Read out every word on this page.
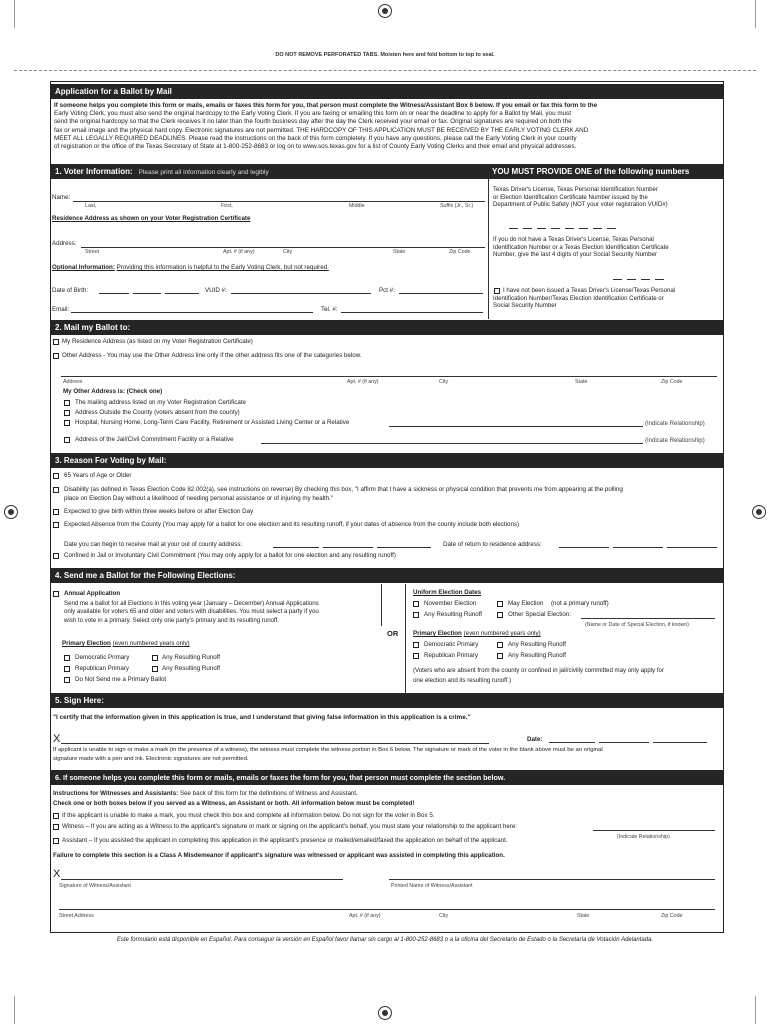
DO NOT REMOVE PERFORATED TABS. Moisten here and fold bottom to top to seal.
Application for a Ballot by Mail
If someone helps you complete this form or mails, emails or faxes this form for you, that person must complete the Witness/Assistant Box 6 below. If you email or fax this form to the
Early Voting Clerk, you must also send the original hardcopy to the Early Voting Clerk. If you are faxing or emailing this form on or near the deadline to apply for a Ballot by Mail, you must
send the original hardcopy so that the Clerk receives it no later than the fourth business day after the day the Clerk received your email or fax. Original signatures are required on both the
fax or email image and the physical hard copy. Electronic signatures are not permitted. THE HARDCOPY OF THIS APPLICATION MUST BE RECEIVED BY THE EARLY VOTING CLERK AND
MEET ALL LEGALLY REQUIRED DEADLINES. Please read the instructions on the back of this form completely. If you have any questions, please call the Early Voting Clerk in your county
of registration or the office of the Texas Secretary of State at 1-800-252-8683 or log on to www.sos.texas.gov for a list of County Early Voting Clerks and their email and physical addresses.
1. Voter Information: Please print all information clearly and legibly	YOU MUST PROVIDE ONE of the following numbers
Name:
Last,	First,	Middle	Suffix (Jr., Sr.)
Residence Address as shown on your Voter Registration Certificate
Address:
Street	Apt. # (if any)	City	State	Zip Code
Optional Information: Providing this information is helpful to the Early Voting Clerk, but not required.
Date of Birth:	VUID #:	Pct #:
Email:	Tel. #:
Texas Driver's License, Texas Personal Identification Number
or Election Identification Certificate Number issued by the
Department of Public Safety (NOT your voter registration VUID#)
If you do not have a Texas Driver's License, Texas Personal
Identification Number or a Texas Election Identification Certificate
Number, give the last 4 digits of your Social Security Number
I have not been issued a Texas Driver's License/Texas Personal
Identification Number/Texas Election Identification Certificate or
Social Security Number
2. Mail my Ballot to:
My Residence Address (as listed on my Voter Registration Certificate)
Other Address - You may use the Other Address line only if the other address fits one of the categories below.
Address	Apt. # (if any)	City	State	Zip Code
My Other Address is: (Check one)
The mailing address listed on my Voter Registration Certificate
Address Outside the County (voters absent from the county)
Hospital, Nursing Home, Long-Term Care Facility, Retirement or Assisted Living Center or a Relative	(Indicate Relationship)
Address of the Jail/Civil Commitment Facility or a Relative	(Indicate Relationship)
3. Reason For Voting by Mail:
65 Years of Age or Older
Disability (as defined in Texas Election Code 82.002(a), see instructions on reverse) By checking this box, "I affirm that I have a sickness or physical condition that prevents me from appearing at the polling
place on Election Day without a likelihood of needing personal assistance or of injuring my health."
Expected to give birth within three weeks before or after Election Day
Expected Absence from the County (You may apply for a ballot for one election and its resulting runoff, if your dates of absence from the county include both elections)
Date you can begin to receive mail at your out of county address:	Date of return to residence address:
Confined in Jail or Involuntary Civil Commitment (You may only apply for a ballot for one election and any resulting runoff)
4. Send me a Ballot for the Following Elections:
Annual Application
Send me a ballot for all Elections in this voting year (January – December) Annual Applications
only available for voters 65 and older and voters with disabilities. You must select a party if you
wish to vote in a primary. Select only one party's primary and its resulting runoff.
Primary Election (even numbered years only)
Democratic Primary	Any Resulting Runoff
Republican Primary	Any Resulting Runoff
Do Not Send me a Primary Ballot
OR
Uniform Election Dates
November Election	May Election (not a primary runoff)
Any Resulting Runoff	Other Special Election:
(Name or Date of Special Election, if known)
Primary Election (even numbered years only)
Democratic Primary	Any Resulting Runoff
Republican Primary	Any Resulting Runoff
(Voters who are absent from the county or confined in jail/civilly committed may only apply for
one election and its resulting runoff.)
5. Sign Here:
"I certify that the information given in this application is true, and I understand that giving false information in this application is a crime."
X	Date:
If applicant is unable to sign or make a mark (in the presence of a witness), the witness must complete the witness portion in Box 6 below. The signature or mark of the voter in the blank above must be an original
signature made with a pen and ink. Electronic signatures are not permitted.
6. If someone helps you complete this form or mails, emails or faxes the form for you, that person must complete the section below.
Instructions for Witnesses and Assistants: See back of this form for the definitions of Witness and Assistant.
Check one or both boxes below if you served as a Witness, an Assistant or both. All information below must be completed!
If the applicant is unable to make a mark, you must check this box and complete all information below. Do not sign for the voter in Box 5.
Witness – If you are acting as a Witness to the applicant's signature or mark or signing on the applicant's behalf, you must state your relationship to the applicant here:
(Indicate Relationship)
Assistant – If you assisted the applicant in completing this application in the applicant's presence or mailed/emailed/faxed the application on behalf of the applicant.
Failure to complete this section is a Class A Misdemeanor if applicant's signature was witnessed or applicant was assisted in completing this application.
X
Signature of Witness/Assistant	Printed Name of Witness/Assistant
Street Address	Apt. # (if any)	City	State	Zip Code
Este formulario está disponible en Español. Para conseguir la versión en Español favor llamar sin cargo al 1-800-252-8683 o a la oficina del Secretario de Estado o la Secretaría de Votación Adelantada.
